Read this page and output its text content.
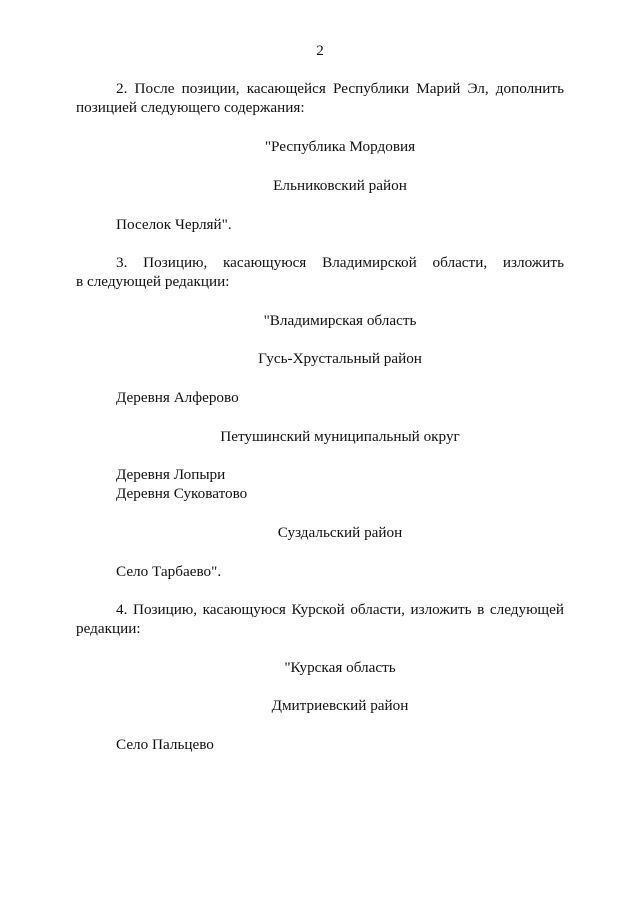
2
2. После позиции, касающейся Республики Марий Эл, дополнить
позицией следующего содержания:
"Республика Мордовия
Ельниковский район
Поселок Черляй".
3. Позицию, касающуюся Владимирской области, изложить
в следующей редакции:
"Владимирская область
Гусь-Хрустальный район
Деревня Алферово
Петушинский муниципальный округ
Деревня Лопыри
Деревня Суковатово
Суздальский район
Село Тарбаево".
4. Позицию, касающуюся Курской области, изложить в следующей
редакции:
"Курская область
Дмитриевский район
Село Пальцево
